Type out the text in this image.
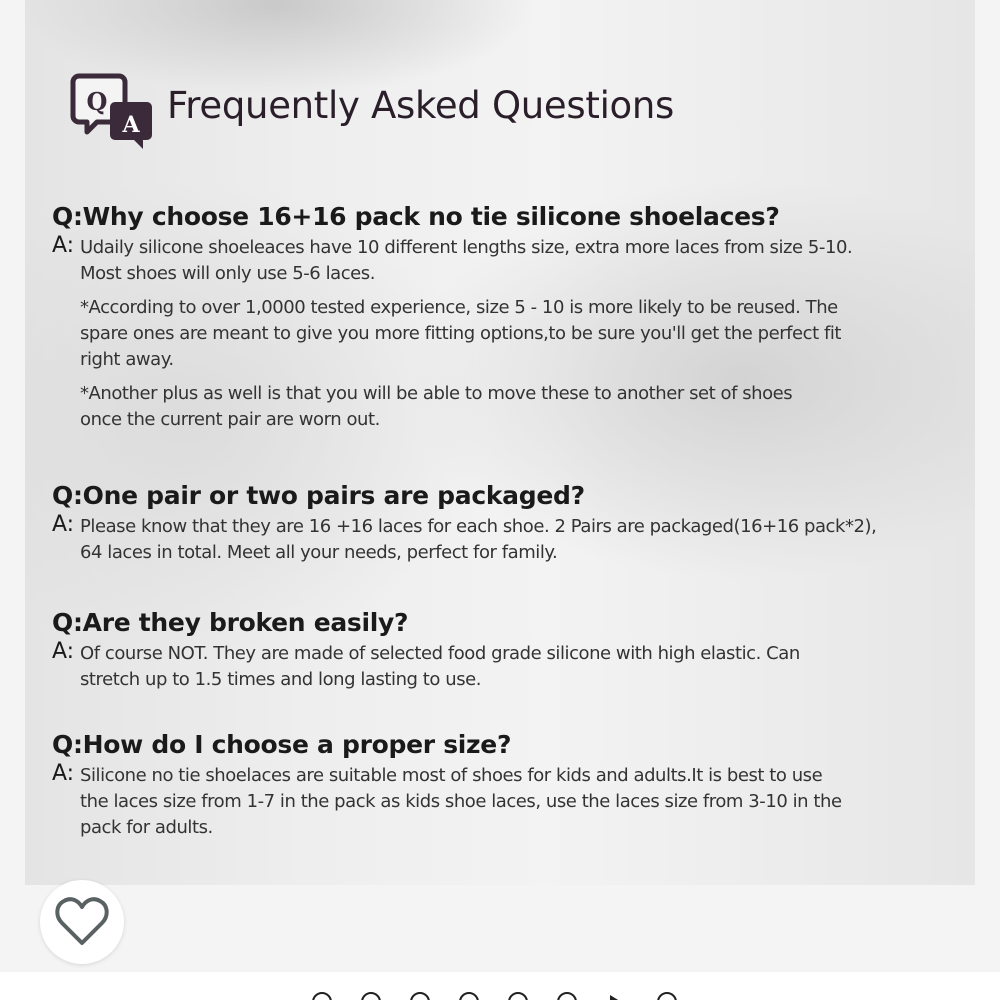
Q
A Frequently Asked Questions
Q:Why choose 16+16 pack no tie silicone shoelaces?
A: Udaily silicone shoeleaces have 10 different lengths size, extra more laces from size 5-10.

Most shoes will only use 5-6 laces.

*According to over 1,0000 tested experience, size 5 - 10 is more likely to be reused. The

spare ones are meant to give you more fitting options,to be sure you'll get the perfect fit

right away.

*Another plus as well is that you will be able to move these to another set of shoes

once the current pair are worn out.

Q:One pair or two pairs are packaged?
A: Please know that they are 16 +16 laces for each shoe. 2 Pairs are packaged(16+16 pack*2),

64 laces in total. Meet all your needs, perfect for family.

Q:Are they broken easily?
A: Of course NOT. They are made of selected food grade silicone with high elastic. Can

stretch up to 1.5 times and long lasting to use.

Q:How do I choose a proper size?
A: Silicone no tie shoelaces are suitable most of shoes for kids and adults.It is best to use

the laces size from 1-7 in the pack as kids shoe laces, use the laces size from 3-10 in the

pack for adults.
